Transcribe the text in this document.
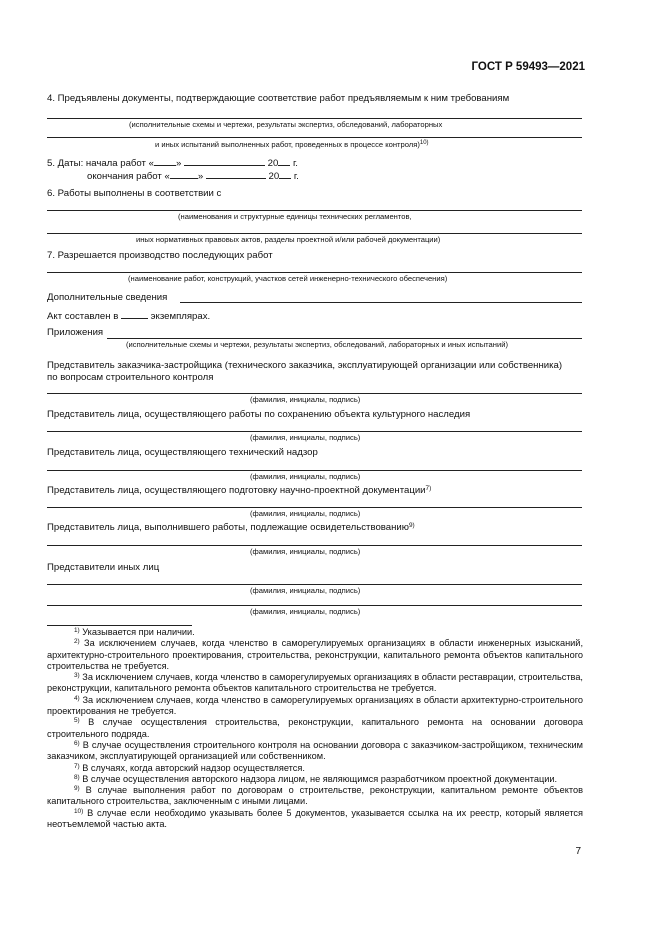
ГОСТ Р 59493—2021
4. Предъявлены документы, подтверждающие соответствие работ предъявляемым к ним требованиям
(исполнительные схемы и чертежи, результаты экспертиз, обследований, лабораторных
и иных испытаний выполненных работ, проведенных в процессе контроля)$^{10)}$
5. Даты: начала работ « »	20 г.
окончания работ «	»	20 г.
6. Работы выполнены в соответствии с
(наименования и структурные единицы технических регламентов,
иных нормативных правовых актов, разделы проектной и/или рабочей документации)
7. Разрешается производство последующих работ
(наименование работ, конструкций, участков сетей инженерно-технического обеспечения)
Дополнительные сведения
Акт составлен в	экземплярах.
Приложения
(исполнительные схемы и чертежи, результаты экспертиз, обследований, лабораторных и иных испытаний)
Представитель заказчика-застройщика (технического заказчика, эксплуатирующей организации или собственника)
по вопросам строительного контроля
(фамилия, инициалы, подпись)
Представитель лица, осуществляющего работы по сохранению объекта культурного наследия
(фамилия, инициалы, подпись)
Представитель лица, осуществляющего технический надзор
(фамилия, инициалы, подпись)
Представитель лица, осуществляющего подготовку научно-проектной документации$^{7)}$
(фамилия, инициалы, подпись)
Представитель лица, выполнившего работы, подлежащие освидетельствованию$^{9)}$
(фамилия, инициалы, подпись)
Представители иных лиц
(фамилия, инициалы, подпись)
(фамилия, инициалы, подпись)

$^{1)}$ Указывается при наличии.

$^{2)}$ За исключением случаев, когда членство в саморегулируемых организациях в области инженерных изысканий, архитектурно-строительного проектирования, строительства, реконструкции, капитального ремонта объектов капитального строительства не требуется.

$^{3)}$ За исключением случаев, когда членство в саморегулируемых организациях в области реставрации, строительства, реконструкции, капитального ремонта объектов капитального строительства не требуется.

$^{4)}$ За исключением случаев, когда членство в саморегулируемых организациях в области архитектурно-строительного проектирования не требуется.

$^{5)}$ В случае осуществления строительства, реконструкции, капитального ремонта на основании договора строительного подряда.

$^{6)}$ В случае осуществления строительного контроля на основании договора с заказчиком-застройщиком, техническим заказчиком, эксплуатирующей организацией или собственником.

$^{7)}$ В случаях, когда авторский надзор осуществляется.

$^{8)}$ В случае осуществления авторского надзора лицом, не являющимся разработчиком проектной документации.

$^{9)}$ В случае выполнения работ по договорам о строительстве, реконструкции, капитальном ремонте объектов капитального строительства, заключенным с иными лицами.

$^{10)}$ В случае если необходимо указывать более 5 документов, указывается ссылка на их реестр, который является неотъемлемой частью акта.

7
